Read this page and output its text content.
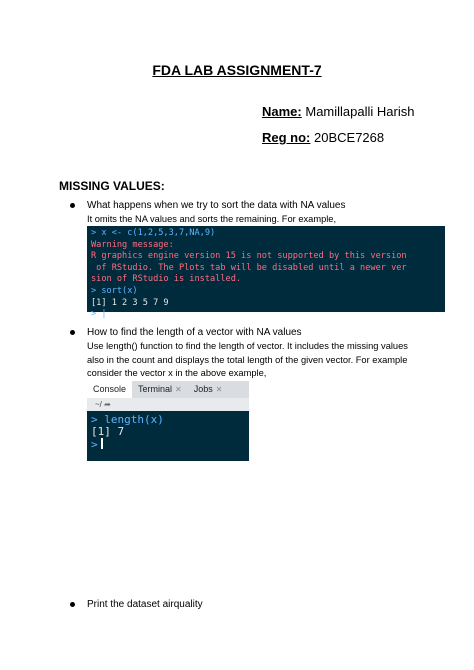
FDA LAB ASSIGNMENT-7
Name: Mamillapalli Harish
Reg no: 20BCE7268
MISSING VALUES:
What happens when we try to sort the data with NA values
It omits the NA values and sorts the remaining. For example,
> x <- c(1,2,5,3,7,NA,9)
Warning message:
R graphics engine version 15 is not supported by this version
of RStudio. The Plots tab will be disabled until a newer ver
sion of RStudio is installed.
> sort(x)
[1] 1 2 3 5 7 9
> |
How to find the length of a vector with NA values
Use length() function to find the length of vector. It includes the missing values
also in the count and displays the total length of the given vector. For example
consider the vector x in the above example,
Console Terminal ✕ Jobs ✕
~/ ➦
> length(x)
[1] 7
>
Print the dataset airquality
